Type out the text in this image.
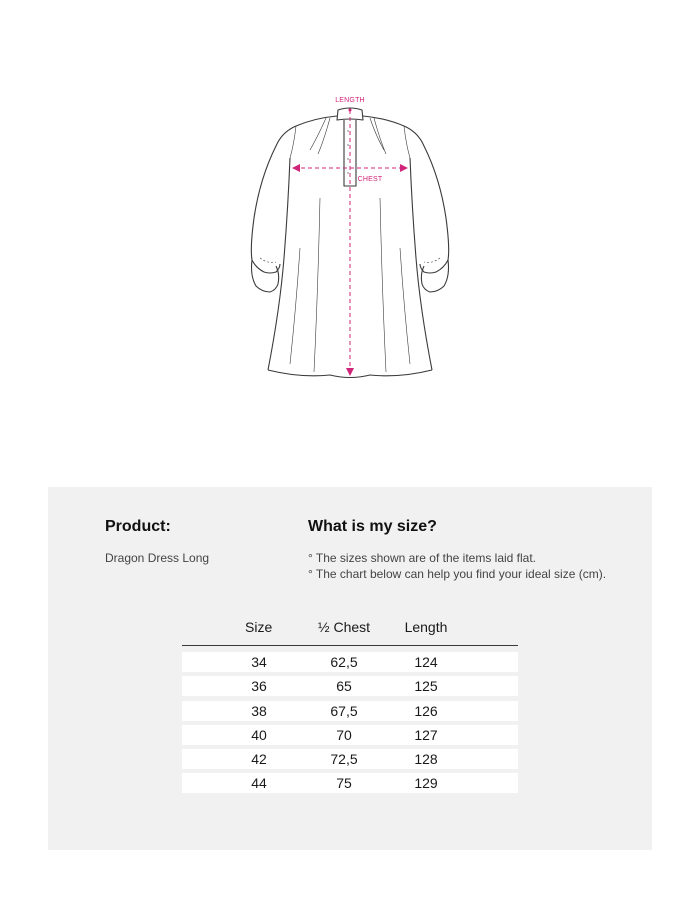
LENGTH
CHEST
Product:

Dragon Dress Long

What is my size?

° The sizes shown are of the items laid flat.

° The chart below can help you find your ideal size (cm).

Size	½ Chest	Length
34	62,5	124
36	65	125
38	67,5	126
40	70	127
42	72,5	128
44	75	129
